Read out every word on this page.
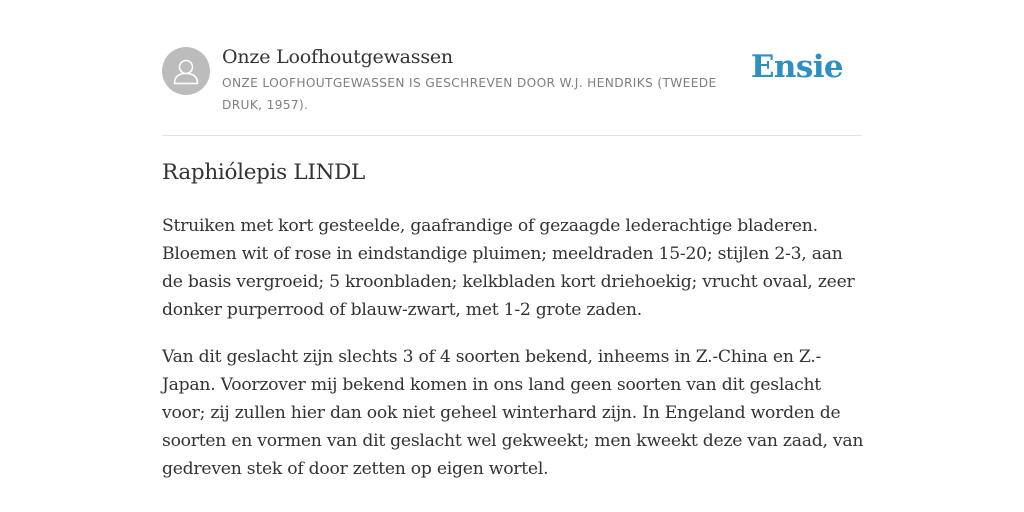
Onze Loofhoutgewassen
ONZE LOOFHOUTGEWASSEN IS GESCHREVEN DOOR W.J. HENDRIKS (TWEEDE DRUK, 1957).
Ensie
Raphiólepis LINDL

Struiken met kort gesteelde, gaafrandige of gezaagde lederachtige bladeren. Bloemen wit of rose in eindstandige pluimen; meeldraden 15-20; stijlen 2-3, aan de basis vergroeid; 5 kroonbladen; kelkbladen kort driehoekig; vrucht ovaal, zeer donker purperrood of blauw-zwart, met 1-2 grote zaden.

Van dit geslacht zijn slechts 3 of 4 soorten bekend, inheems in Z.-China en Z.-Japan. Voorzover mij bekend komen in ons land geen soorten van dit geslacht voor; zij zullen hier dan ook niet geheel winterhard zijn. In Engeland worden de soorten en vormen van dit geslacht wel gekweekt; men kweekt deze van zaad, van gedreven stek of door zetten op eigen wortel.
